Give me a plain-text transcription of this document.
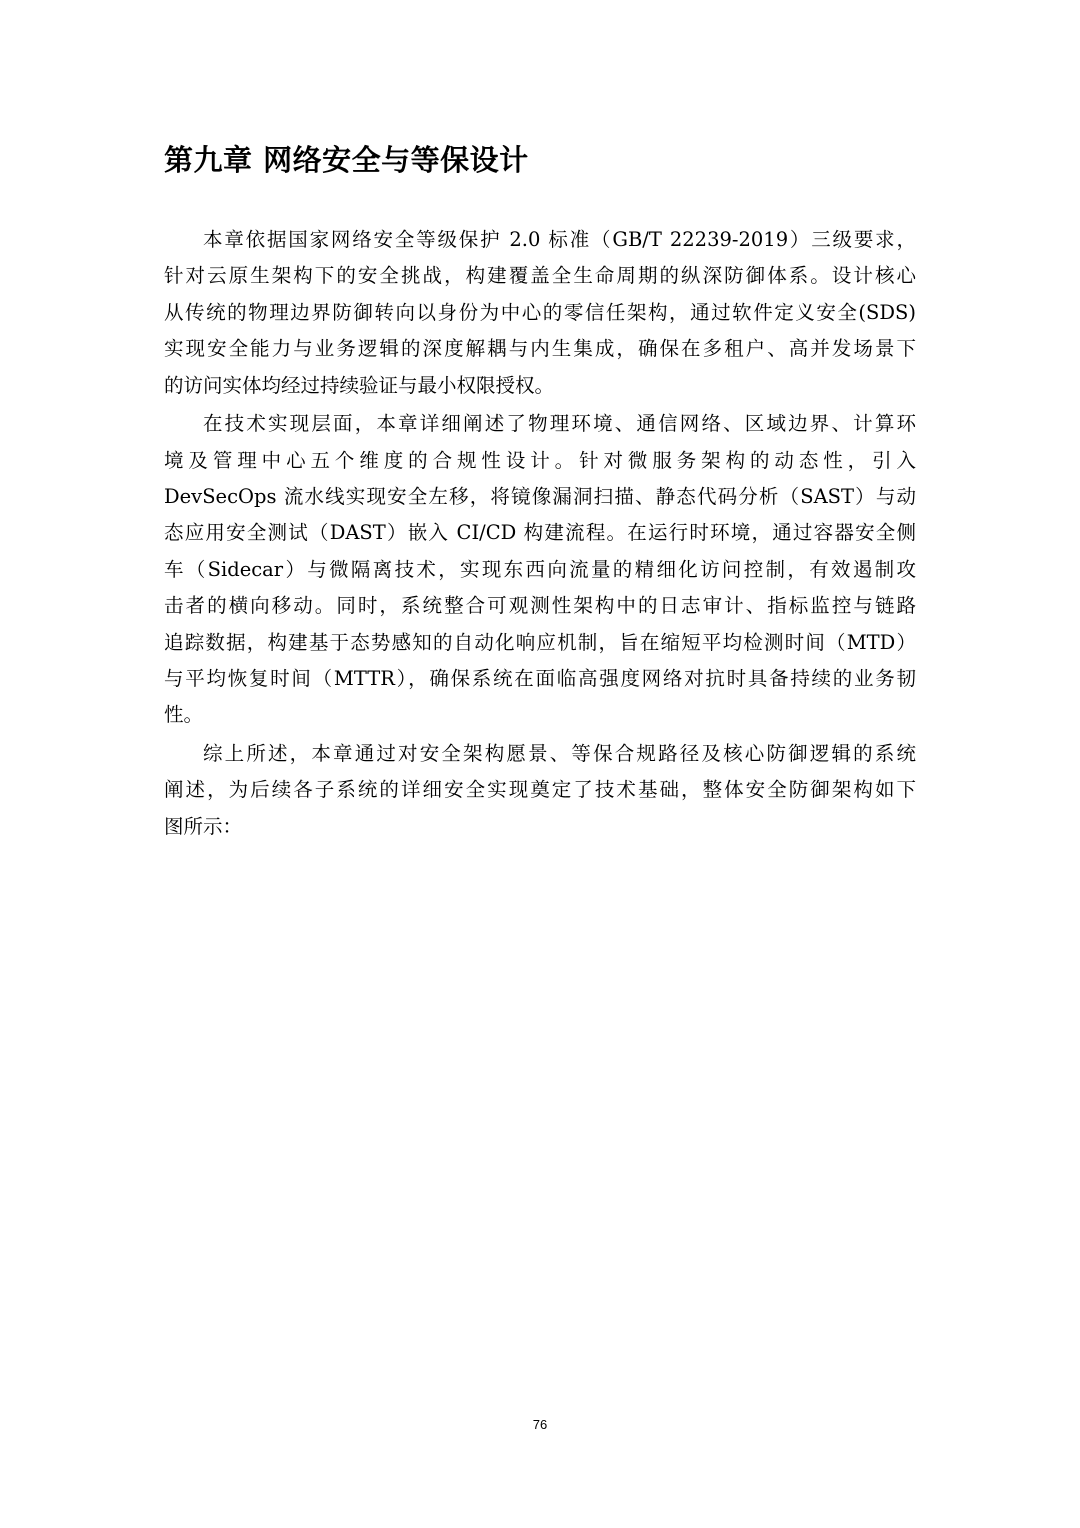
第九章 网络安全与等保设计

本章依据国家网络安全等级保护 2.0 标准（GB/T 22239-2019）三级要求，
针对云原生架构下的安全挑战，构建覆盖全生命周期的纵深防御体系。设计核心
从传统的物理边界防御转向以身份为中心的零信任架构，通过软件定义安全(SDS)
实现安全能力与业务逻辑的深度解耦与内生集成，确保在多租户、高并发场景下
的访问实体均经过持续验证与最小权限授权。

在技术实现层面，本章详细阐述了物理环境、通信网络、区域边界、计算环
境及管理中心五个维度的合规性设计。针对微服务架构的动态性，引入
DevSecOps 流水线实现安全左移，将镜像漏洞扫描、静态代码分析（SAST）与动
态应用安全测试（DAST）嵌入 CI/CD 构建流程。在运行时环境，通过容器安全侧
车（Sidecar）与微隔离技术，实现东西向流量的精细化访问控制，有效遏制攻
击者的横向移动。同时，系统整合可观测性架构中的日志审计、指标监控与链路
追踪数据，构建基于态势感知的自动化响应机制，旨在缩短平均检测时间（MTD）
与平均恢复时间（MTTR），确保系统在面临高强度网络对抗时具备持续的业务韧
性。

综上所述，本章通过对安全架构愿景、等保合规路径及核心防御逻辑的系统
阐述，为后续各子系统的详细安全实现奠定了技术基础，整体安全防御架构如下
图所示：

76
